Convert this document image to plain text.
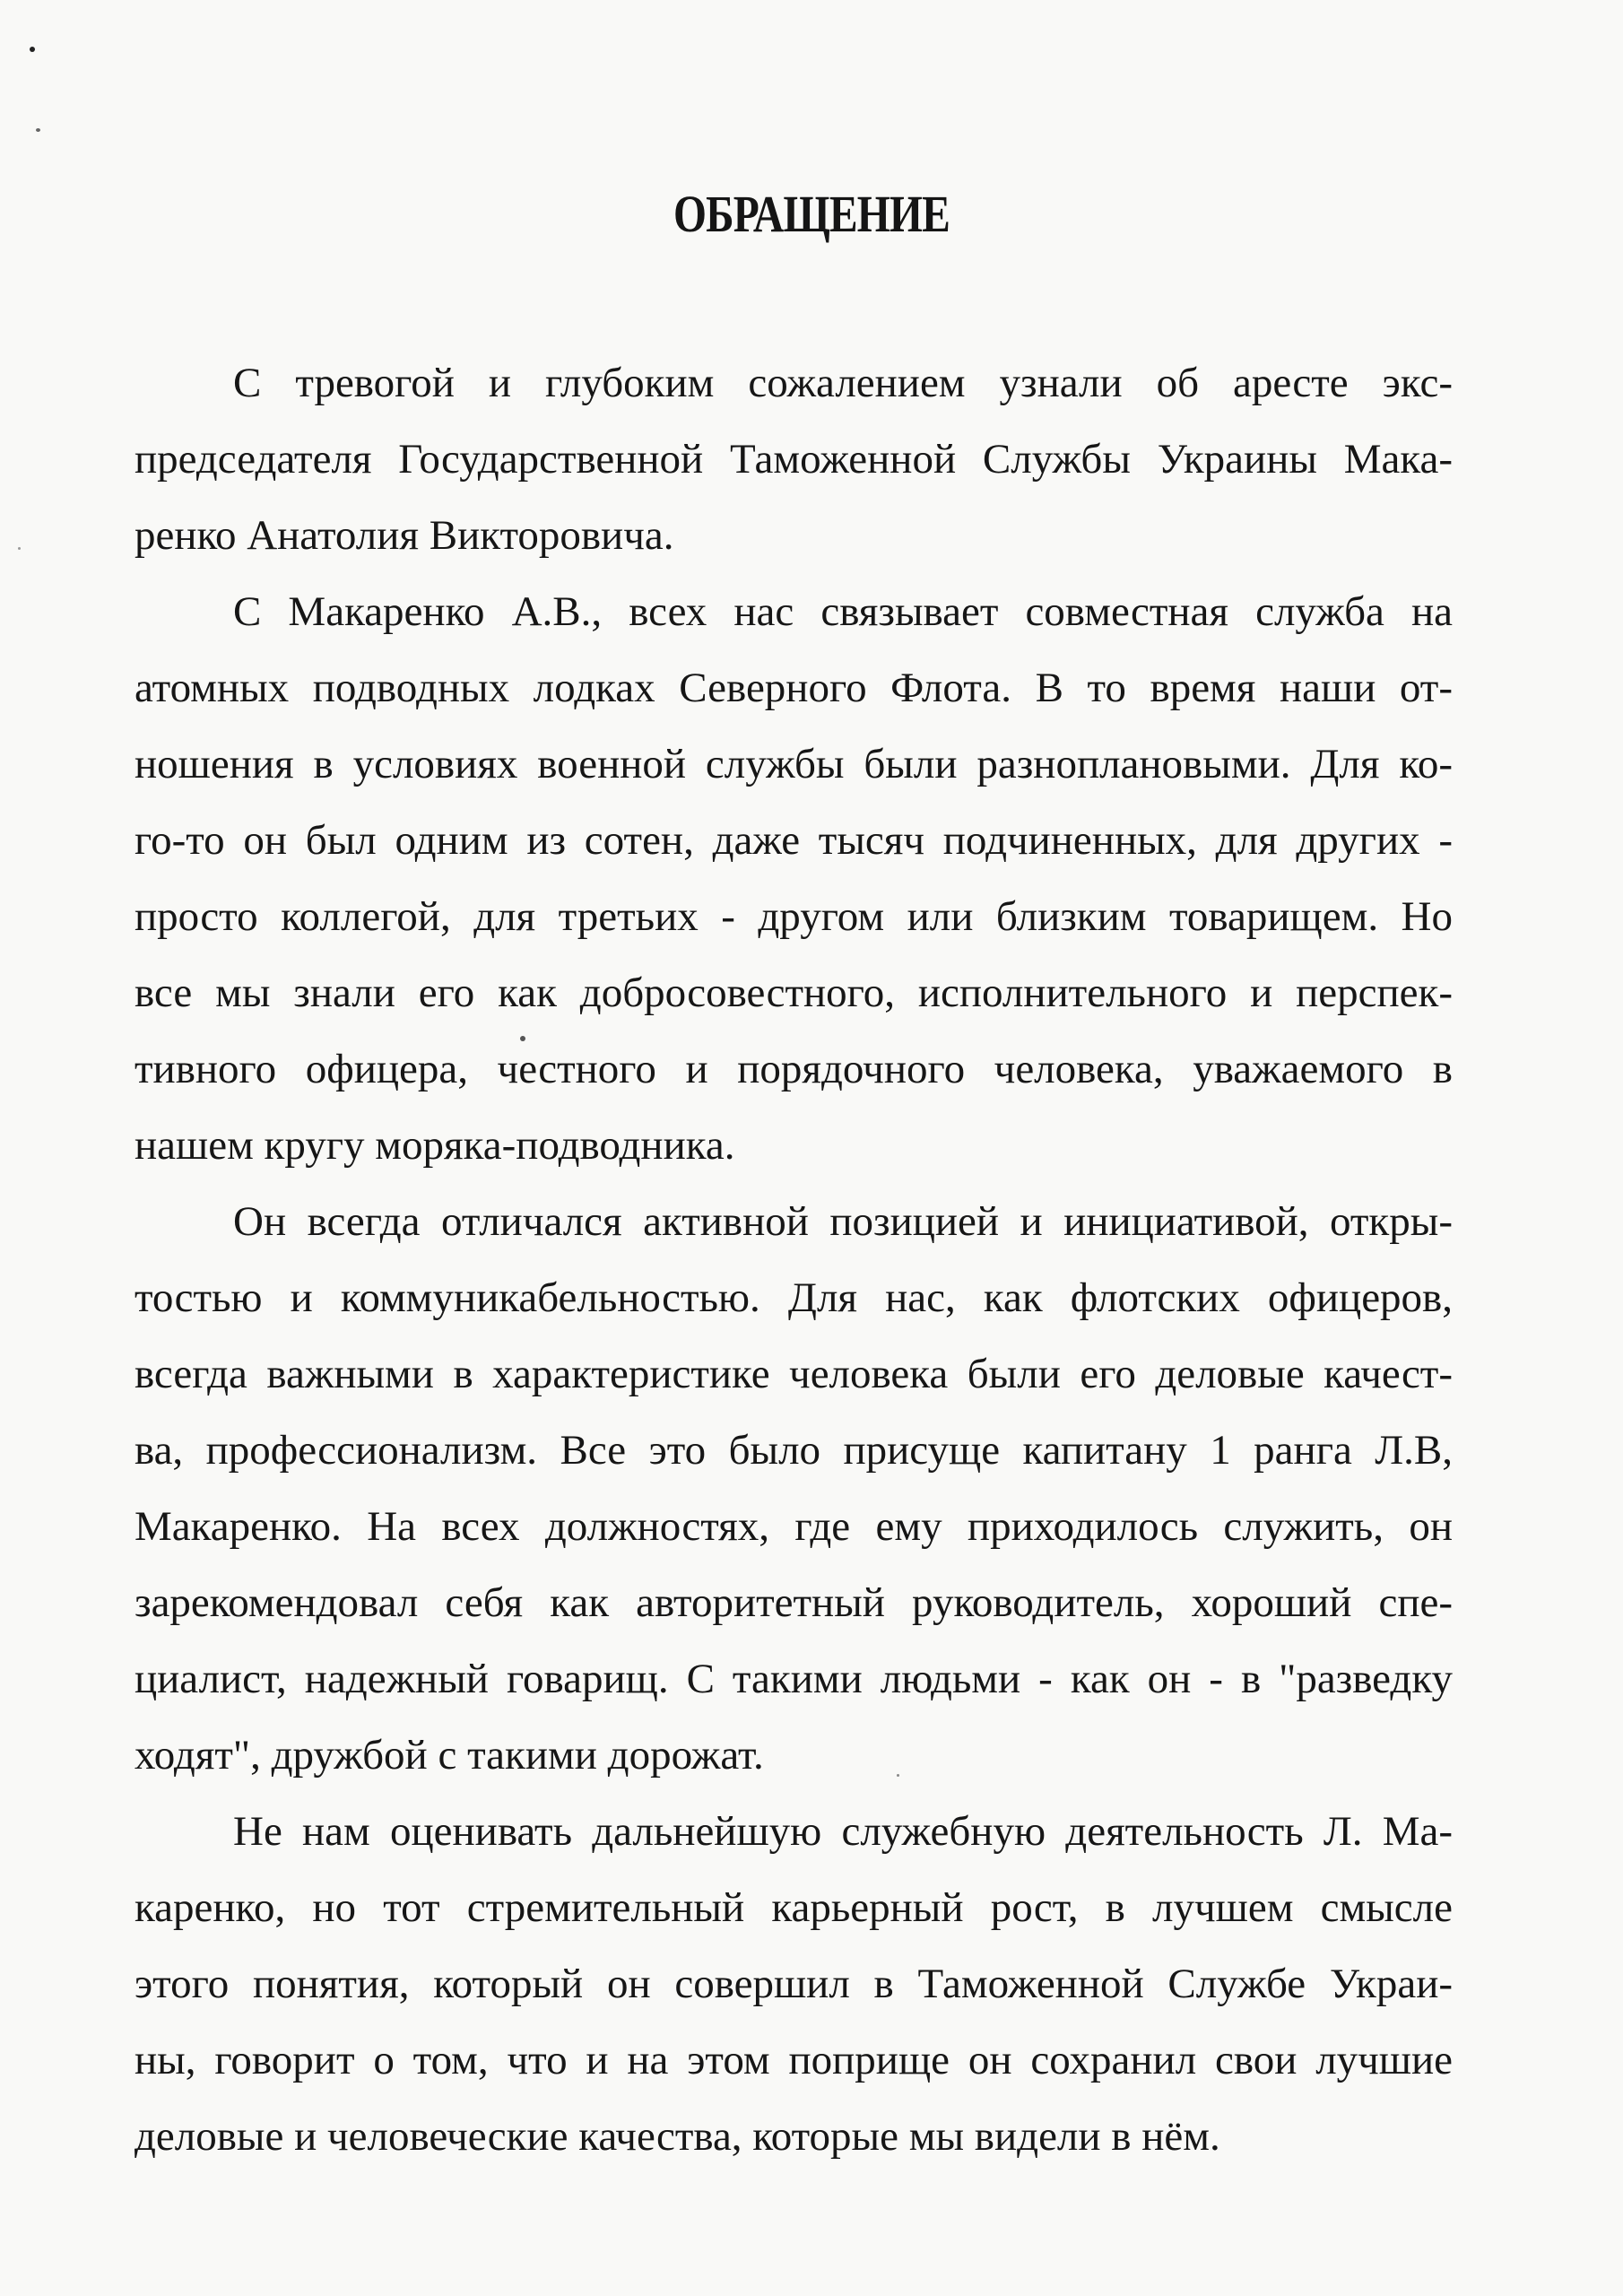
ОБРАЩЕНИЕ

С тревогой и глубоким сожалением узнали об аресте экс-
председателя Государственной Таможенной Службы Украины Мака-
ренко Анатолия Викторовича.

С Макаренко А.В., всех нас связывает совместная служба на
атомных подводных лодках Северного Флота. В то время наши от-
ношения в условиях военной службы были разноплановыми. Для ко-
го-то он был одним из сотен, даже тысяч подчиненных, для других -
просто коллегой, для третьих - другом или близким товарищем. Но
все мы знали его как добросовестного, исполнительного и перспек-
тивного офицера, честного и порядочного человека, уважаемого в
нашем кругу моряка-подводника.

Он всегда отличался активной позицией и инициативой, откры-
тостью и коммуникабельностью. Для нас, как флотских офицеров,
всегда важными в характеристике человека были его деловые качест-
ва, профессионализм. Все это было присуще капитану 1 ранга Л.В,
Макаренко. На всех должностях, где ему приходилось служить, он
зарекомендовал себя как авторитетный руководитель, хороший спе-
циалист, надежный говарищ. С такими людьми - как он - в "разведку
ходят", дружбой с такими дорожат.

Не нам оценивать дальнейшую служебную деятельность Л. Ма-
каренко, но тот стремительный карьерный рост, в лучшем смысле
этого понятия, который он совершил в Таможенной Службе Украи-
ны, говорит о том, что и на этом поприще он сохранил свои лучшие
деловые и человеческие качества, которые мы видели в нём.
